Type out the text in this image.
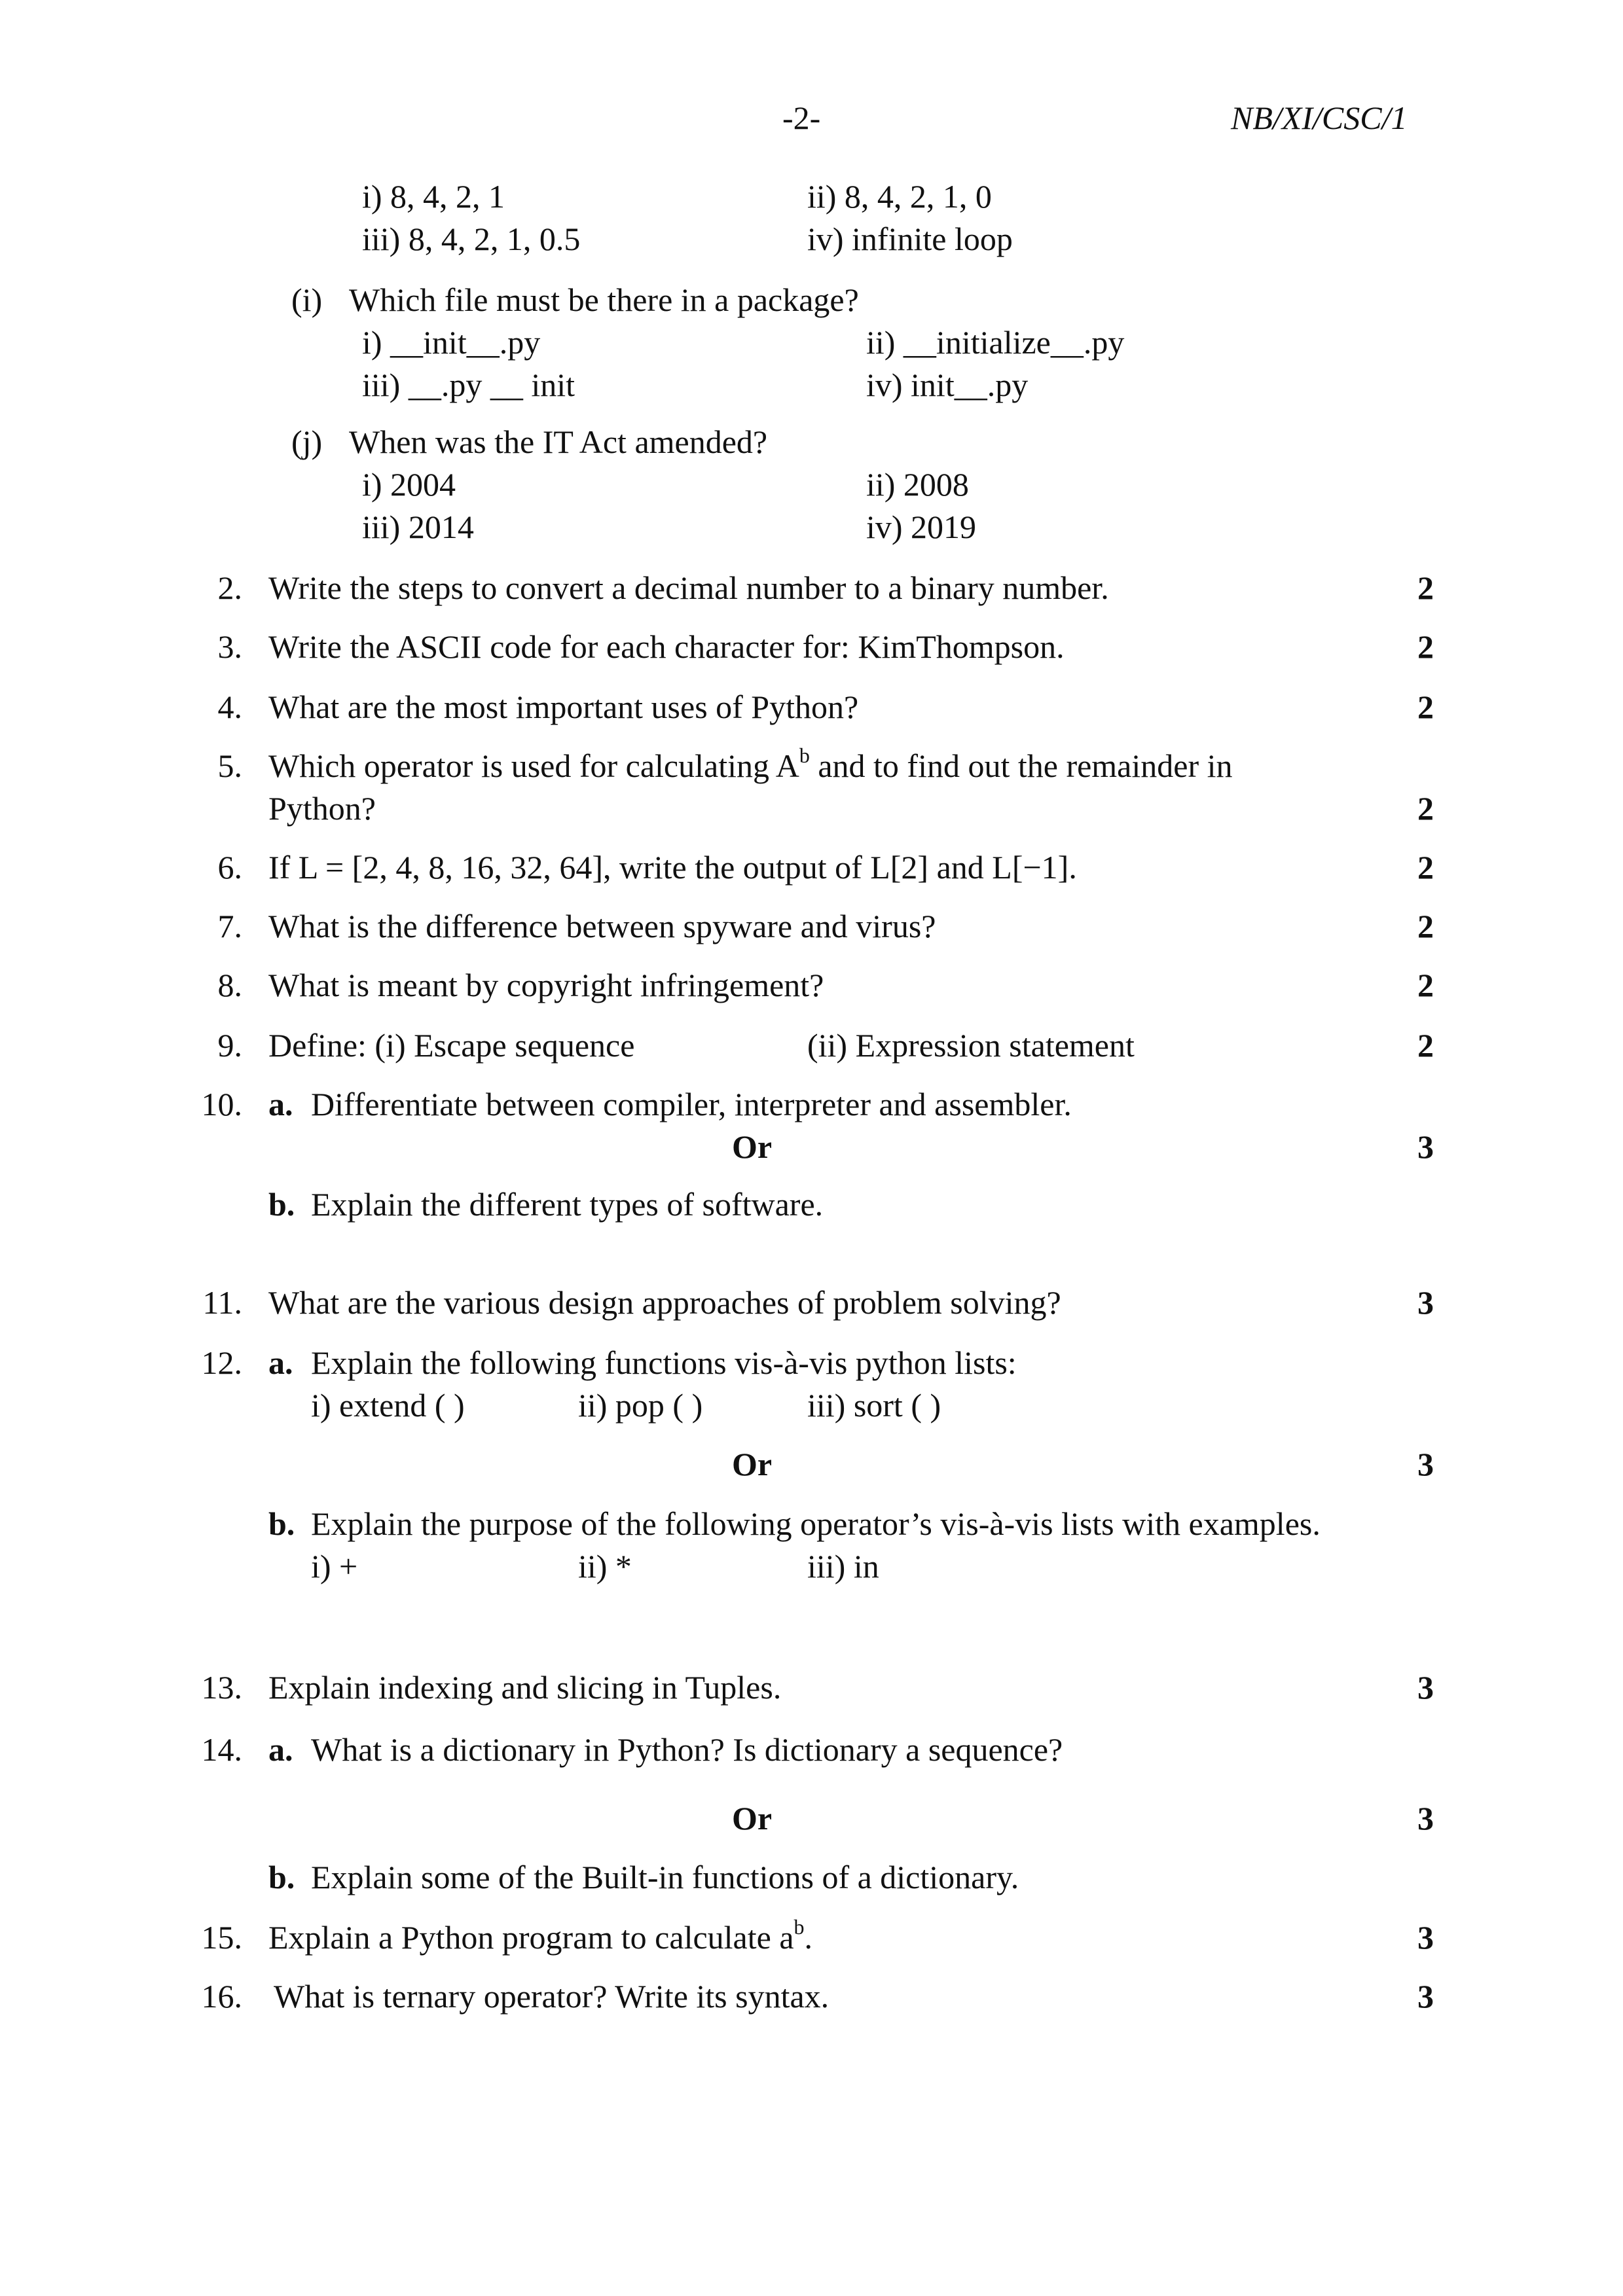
-2-	NB/XI/CSC/1
i) 8, 4, 2, 1	ii) 8, 4, 2, 1, 0
iii) 8, 4, 2, 1, 0.5	iv) infinite loop
(i) Which file must be there in a package?
i) __init__.py	ii) __initialize__.py
iii) __.py __ init	iv) init__.py
(j) When was the IT Act amended?
i) 2004	ii) 2008
iii) 2014	iv) 2019
2. Write the steps to convert a decimal number to a binary number.	2
3. Write the ASCII code for each character for: KimThompson.	2
4. What are the most important uses of Python?	2
5. Which operator is used for calculating $A^b$ and to find out the remainder in
Python?	2
6. If L = [2, 4, 8, 16, 32, 64], write the output of L[2] and L[−1].	2
7. What is the difference between spyware and virus?	2
8. What is meant by copyright infringement?	2
9. Define: (i) Escape sequence	(ii) Expression statement	2
10. a. Differentiate between compiler, interpreter and assembler.
Or	3
b. Explain the different types of software.
11. What are the various design approaches of problem solving?	3
12. a. Explain the following functions vis-à-vis python lists:
i) extend ( )	ii) pop ( )	iii) sort ( )
Or	3
b. Explain the purpose of the following operator’s vis-à-vis lists with examples.
i) +	ii) *	iii) in
13. Explain indexing and slicing in Tuples.	3
14. a. What is a dictionary in Python? Is dictionary a sequence?
Or	3
b. Explain some of the Built-in functions of a dictionary.
15. Explain a Python program to calculate $a^b$.	3
16. What is ternary operator? Write its syntax.	3
